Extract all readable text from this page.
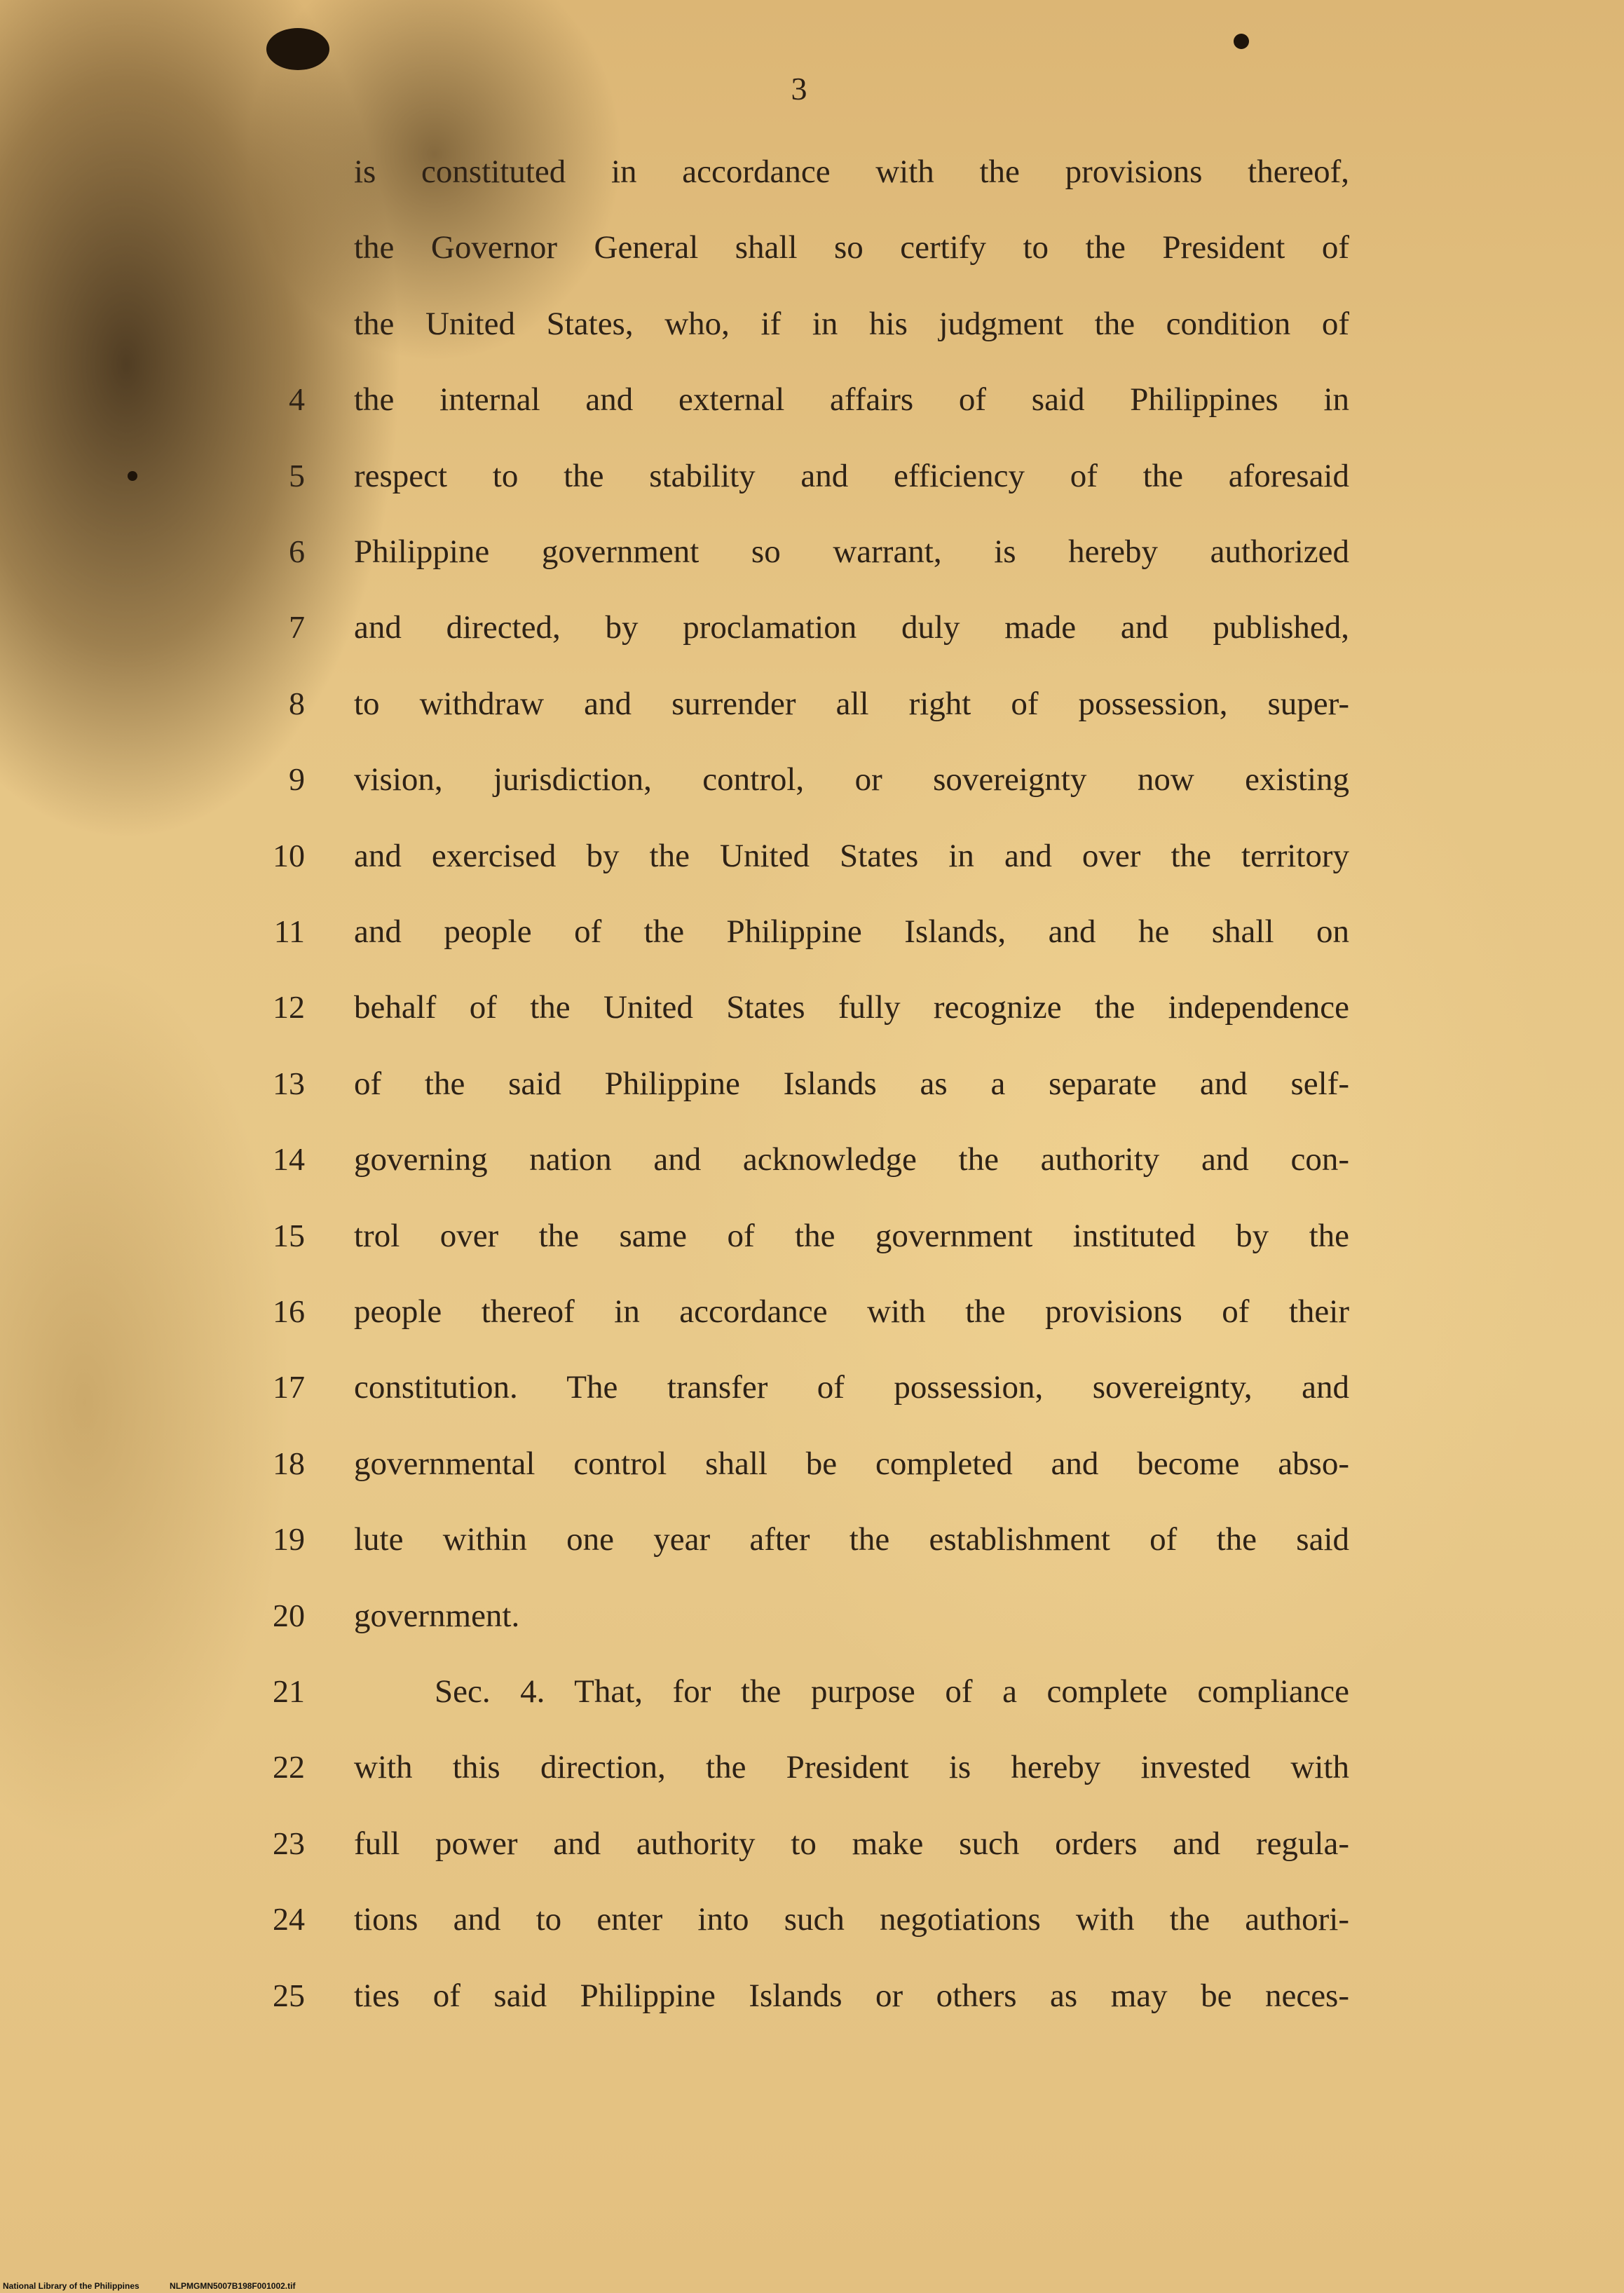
3
is constituted in accordance with the provisions thereof,
the Governor General shall so certify to the President of
the United States, who, if in his judgment the condition of
4 the internal and external affairs of said Philippines in
5 respect to the stability and efficiency of the aforesaid
6 Philippine government so warrant, is hereby authorized
7 and directed, by proclamation duly made and published,
8 to withdraw and surrender all right of possession, super-
9 vision, jurisdiction, control, or sovereignty now existing
10 and exercised by the United States in and over the territory
11 and people of the Philippine Islands, and he shall on
12 behalf of the United States fully recognize the independence
13 of the said Philippine Islands as a separate and self-
14 governing nation and acknowledge the authority and con-
15 trol over the same of the government instituted by the
16 people thereof in accordance with the provisions of their
17 constitution. The transfer of possession, sovereignty, and
18 governmental control shall be completed and become abso-
19 lute within one year after the establishment of the said
20 government.
21	Sec. 4. That, for the purpose of a complete compliance
22 with this direction, the President is hereby invested with
23 full power and authority to make such orders and regula-
24 tions and to enter into such negotiations with the authori-
25 ties of said Philippine Islands or others as may be neces-
National Library of the Philippines	NLPMGMN5007B198F001002.tif
